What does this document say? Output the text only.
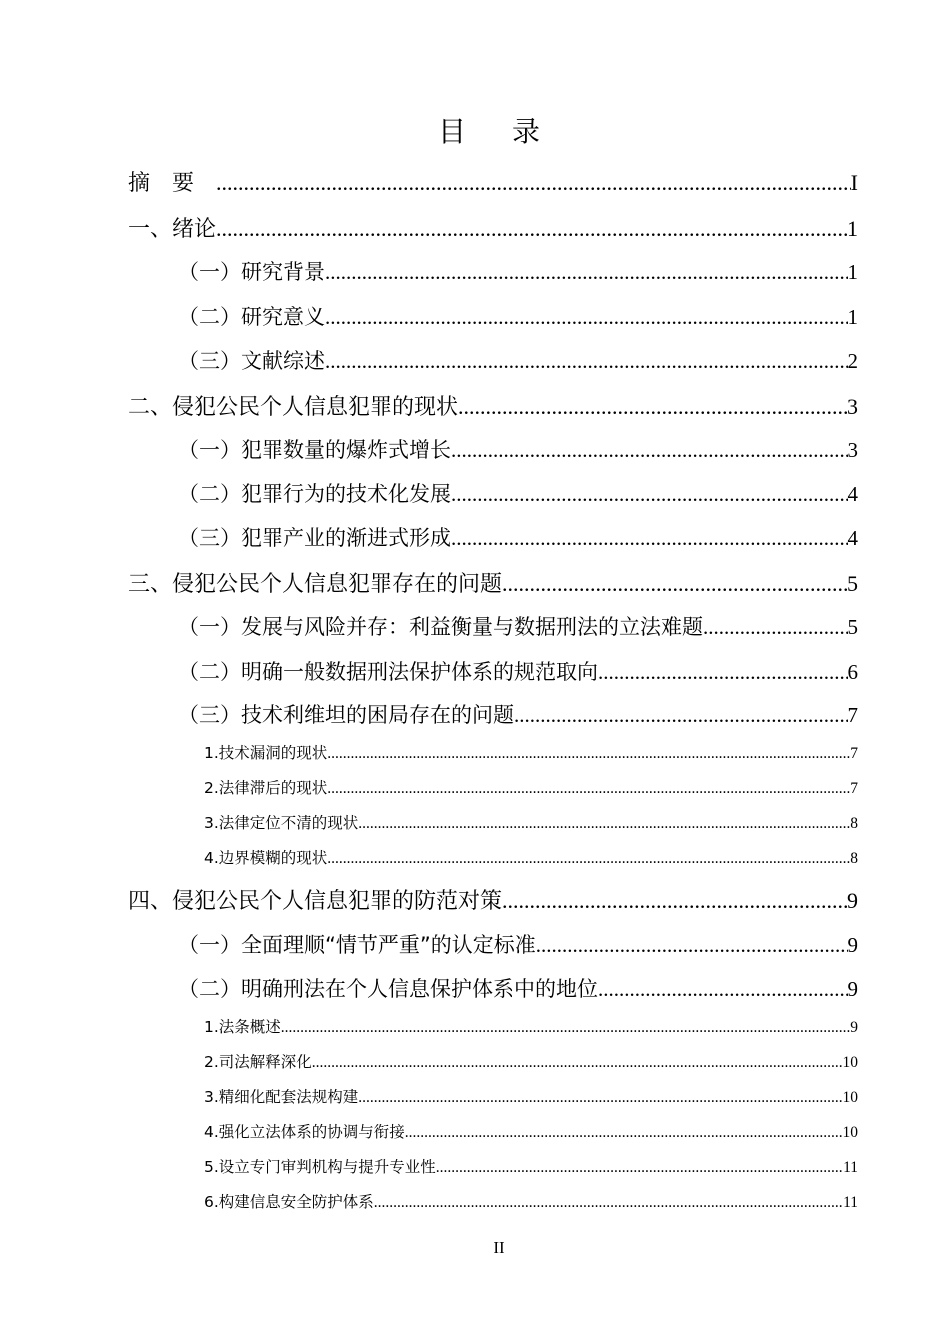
目录
摘要 .....	I
一、绪论 .....	1
（一）研究背景 .....	1
（二）研究意义 .....	1
（三）文献综述 .....	2
二、侵犯公民个人信息犯罪的现状 .....	3
（一）犯罪数量的爆炸式增长 .....	3
（二）犯罪行为的技术化发展 .....	4
（三）犯罪产业的渐进式形成 .....	4
三、侵犯公民个人信息犯罪存在的问题 .....	5
（一）发展与风险并存：利益衡量与数据刑法的立法难题 .....	5
（二）明确一般数据刑法保护体系的规范取向 .....	6
（三）技术利维坦的困局存在的问题 .....	7
1.技术漏洞的现状 .....	7
2.法律滞后的现状 .....	7
3.法律定位不清的现状 .....	8
4.边界模糊的现状 .....	8
四、侵犯公民个人信息犯罪的防范对策 .....	9
（一）全面理顺“情节严重”的认定标准 .....	9
（二）明确刑法在个人信息保护体系中的地位 .....	9
1.法条概述 .....	9
2.司法解释深化 .....	10
3.精细化配套法规构建 .....	10
4.强化立法体系的协调与衔接 .....	10
5.设立专门审判机构与提升专业性 .....	11
6.构建信息安全防护体系 .....	11
II
